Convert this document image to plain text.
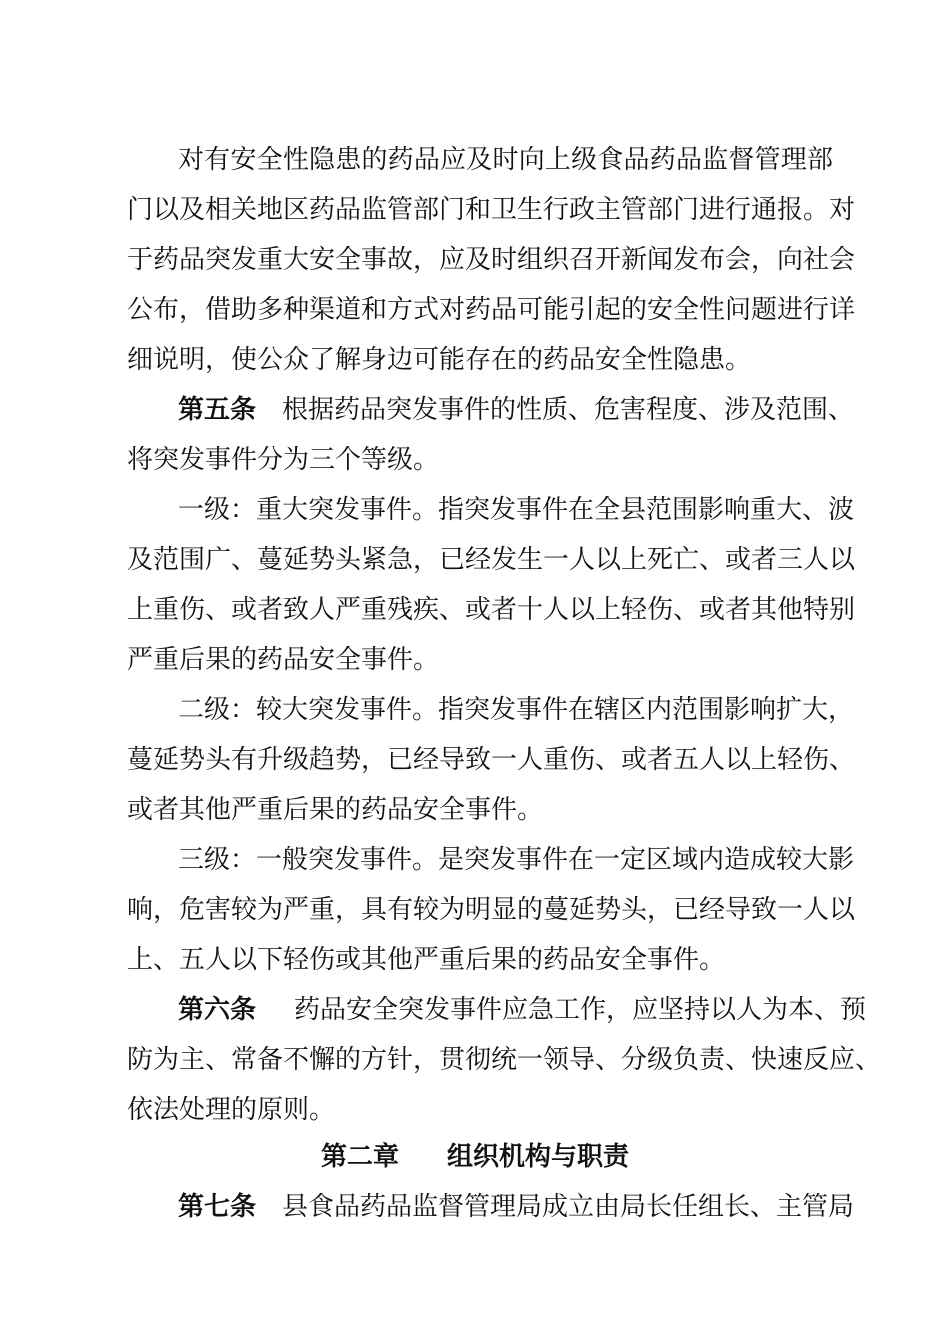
对有安全性隐患的药品应及时向上级食品药品监督管理部
门以及相关地区药品监管部门和卫生行政主管部门进行通报。对
于药品突发重大安全事故，应及时组织召开新闻发布会，向社会
公布，借助多种渠道和方式对药品可能引起的安全性问题进行详
细说明，使公众了解身边可能存在的药品安全性隐患。
第五条 根据药品突发事件的性质、危害程度、涉及范围、
将突发事件分为三个等级。
一级：重大突发事件。指突发事件在全县范围影响重大、波
及范围广、蔓延势头紧急，已经发生一人以上死亡、或者三人以
上重伤、或者致人严重残疾、或者十人以上轻伤、或者其他特别
严重后果的药品安全事件。
二级：较大突发事件。指突发事件在辖区内范围影响扩大，
蔓延势头有升级趋势，已经导致一人重伤、或者五人以上轻伤、
或者其他严重后果的药品安全事件。
三级：一般突发事件。是突发事件在一定区域内造成较大影
响，危害较为严重，具有较为明显的蔓延势头，已经导致一人以
上、五人以下轻伤或其他严重后果的药品安全事件。
第六条 药品安全突发事件应急工作，应坚持以人为本、预
防为主、常备不懈的方针，贯彻统一领导、分级负责、快速反应、
依法处理的原则。
第二章 组织机构与职责
第七条 县食品药品监督管理局成立由局长任组长、主管局
